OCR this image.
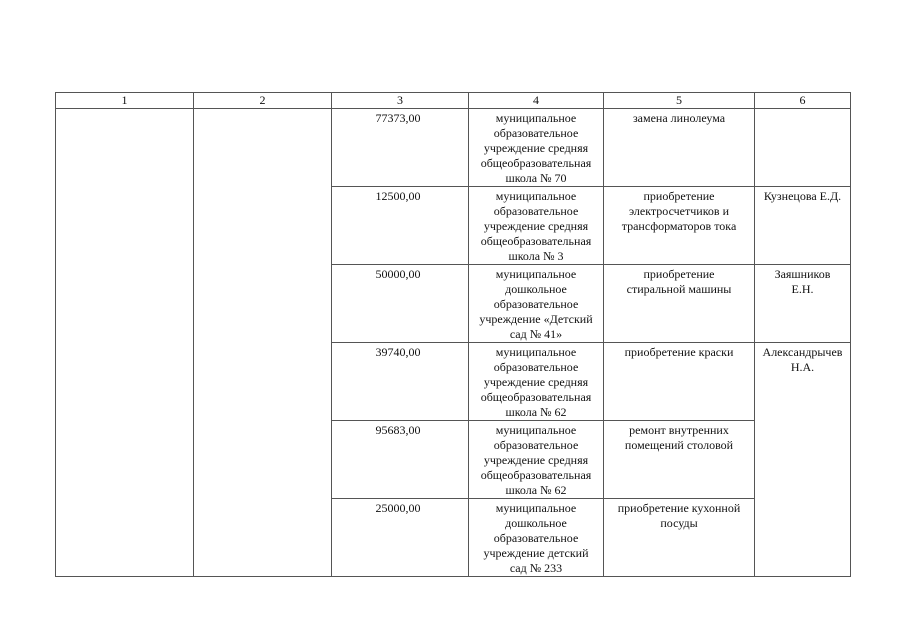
1	2	3	4	5	6

		77373,00	муниципальное
образовательное
учреждение средняя
общеобразовательная
школа № 70	замена линолеума	

		12500,00	муниципальное
образовательное
учреждение средняя
общеобразовательная
школа № 3	приобретение
электросчетчиков и
трансформаторов тока	Кузнецова Е.Д.

		50000,00	муниципальное
дошкольное
образовательное
учреждение «Детский
сад № 41»	приобретение
стиральной машины	Заяшников
Е.Н.

		39740,00	муниципальное
образовательное
учреждение средняя
общеобразовательная
школа № 62	приобретение краски	Александрычев
Н.А.

		95683,00	муниципальное
образовательное
учреждение средняя
общеобразовательная
школа № 62	ремонт внутренних
помещений столовой	

		25000,00	муниципальное
дошкольное
образовательное
учреждение детский
сад № 233	приобретение кухонной
посуды	
